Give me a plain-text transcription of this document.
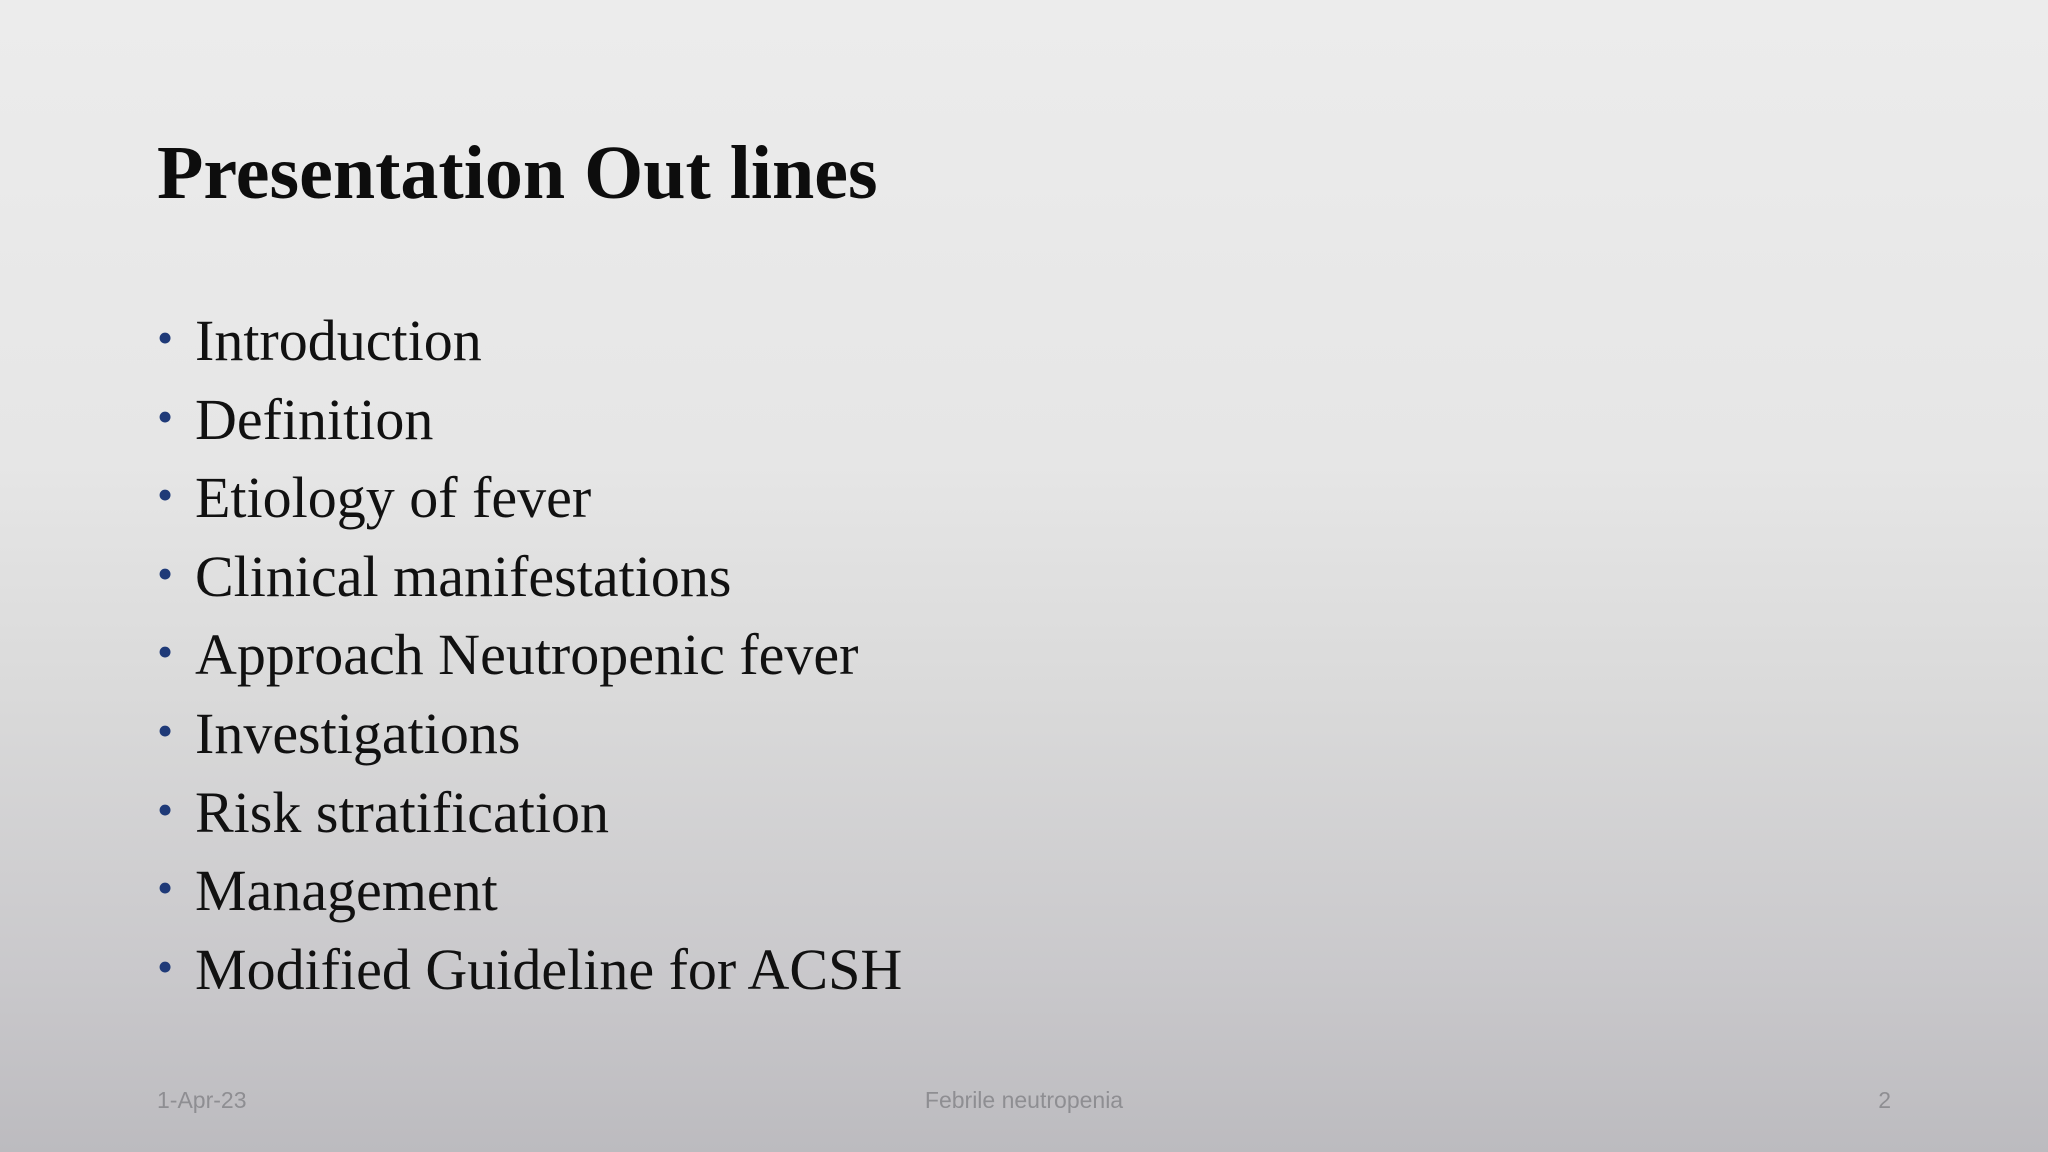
Presentation Out lines
• Introduction
• Definition
• Etiology of fever
• Clinical manifestations
• Approach Neutropenic fever
• Investigations
• Risk stratification
• Management
• Modified Guideline for ACSH
1-Apr-23	Febrile neutropenia	2
